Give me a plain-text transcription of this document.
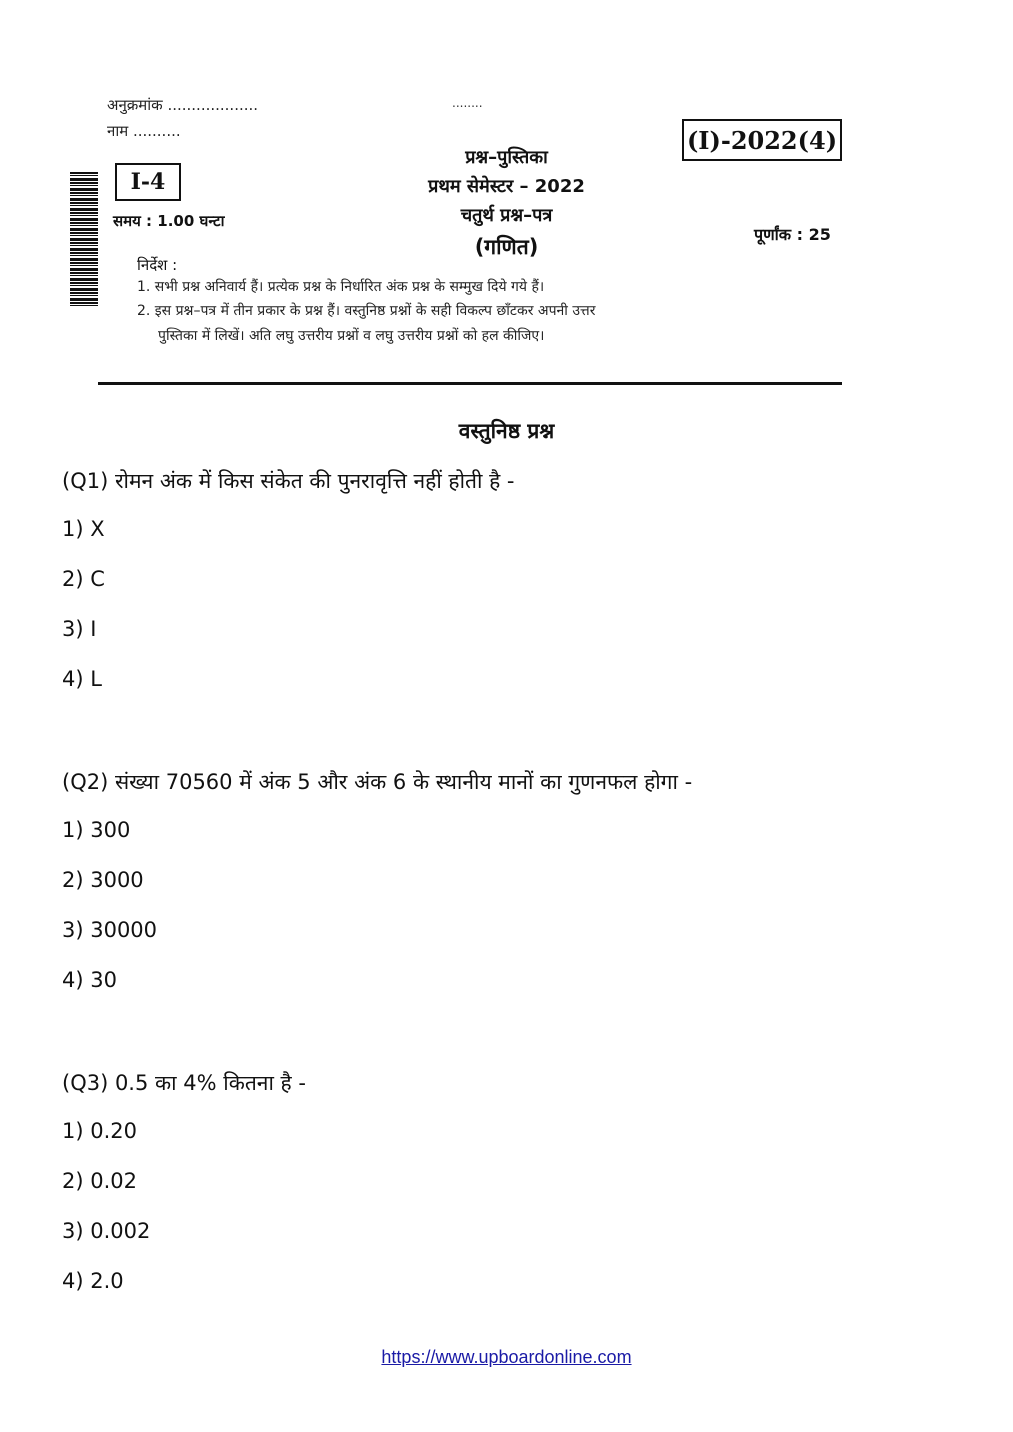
अनुक्रमांक ...................
नाम ..........
........
(I)-2022(4)
I-4
प्रश्न–पुस्तिका
प्रथम सेमेस्टर – 2022
चतुर्थ प्रश्न–पत्र
(गणित)
समय : 1.00 घन्टा
पूर्णांक : 25
निर्देश :
1. सभी प्रश्न अनिवार्य हैं। प्रत्येक प्रश्न के निर्धारित अंक प्रश्न के सम्मुख दिये गये हैं।
2. इस प्रश्न–पत्र में तीन प्रकार के प्रश्न हैं। वस्तुनिष्ठ प्रश्नों के सही विकल्प छाँटकर अपनी उत्तर
पुस्तिका में लिखें। अति लघु उत्तरीय प्रश्नों व लघु उत्तरीय प्रश्नों को हल कीजिए।
वस्तुनिष्ठ प्रश्न
(Q1) रोमन अंक में किस संकेत की पुनरावृत्ति नहीं होती है -
1) X
2) C
3) I
4) L
(Q2) संख्या 70560 में अंक 5 और अंक 6 के स्थानीय मानों का गुणनफल होगा -
1) 300
2) 3000
3) 30000
4) 30
(Q3) 0.5 का 4% कितना है -
1) 0.20
2) 0.02
3) 0.002
4) 2.0
https://www.upboardonline.com
